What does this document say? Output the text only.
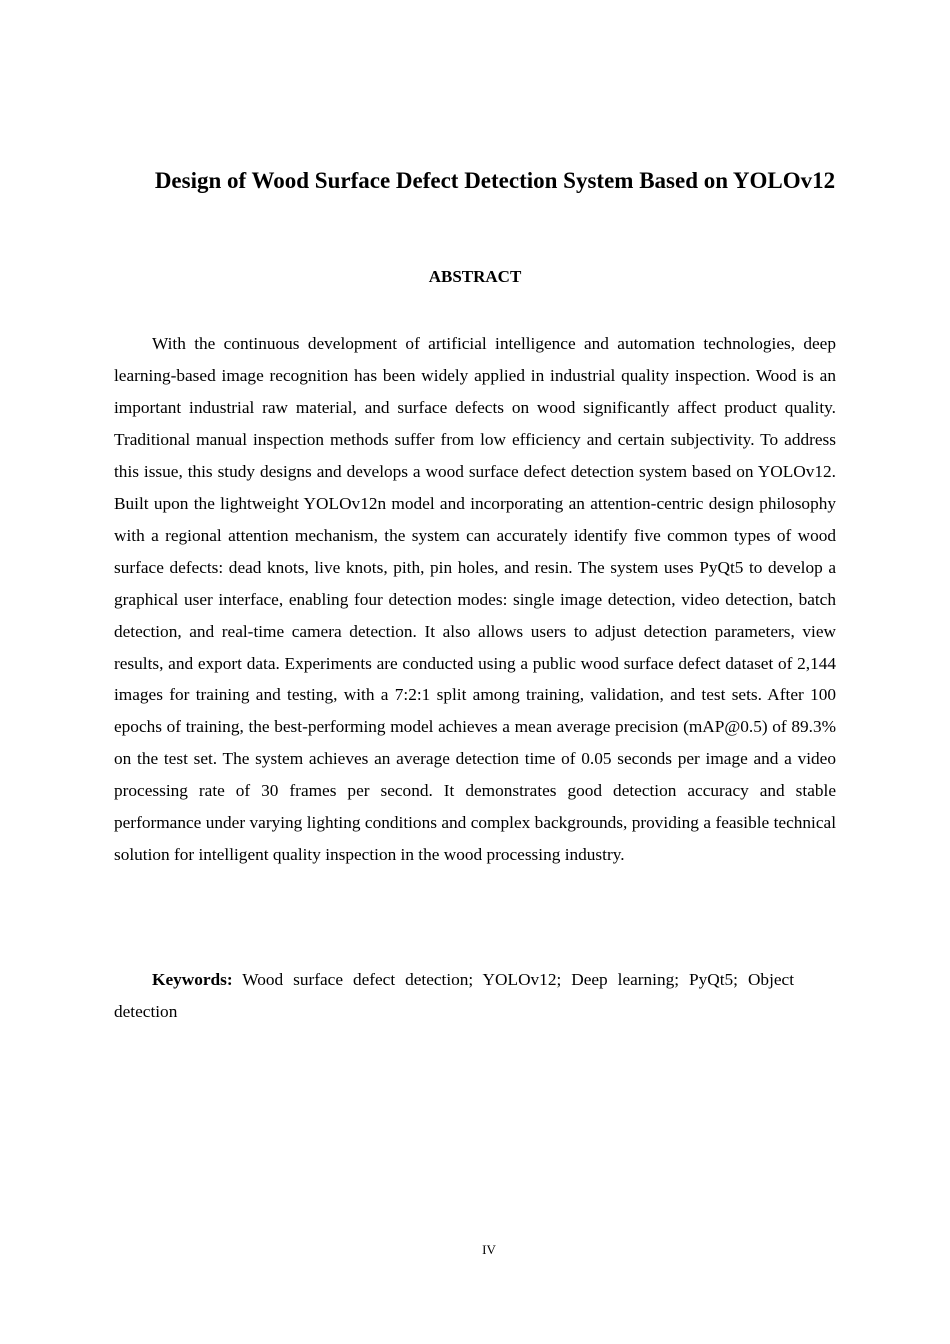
Design of Wood Surface Defect Detection System Based on YOLOv12
ABSTRACT

With the continuous development of artificial intelligence and automation technologies, deep learning-based image recognition has been widely applied in industrial quality inspection. Wood is an important industrial raw material, and surface defects on wood significantly affect product quality. Traditional manual inspection methods suffer from low efficiency and certain subjectivity. To address this issue, this study designs and develops a wood surface defect detection system based on YOLOv12. Built upon the lightweight YOLOv12n model and incorporating an attention-centric design philosophy with a regional attention mechanism, the system can accurately identify five common types of wood surface defects: dead knots, live knots, pith, pin holes, and resin. The system uses PyQt5 to develop a graphical user interface, enabling four detection modes: single image detection, video detection, batch detection, and real-time camera detection. It also allows users to adjust detection parameters, view results, and export data. Experiments are conducted using a public wood surface defect dataset of 2,144 images for training and testing, with a 7:2:1 split among training, validation, and test sets. After 100 epochs of training, the best-performing model achieves a mean average precision (mAP@0.5) of 89.3% on the test set. The system achieves an average detection time of 0.05 seconds per image and a video processing rate of 30 frames per second. It demonstrates good detection accuracy and stable performance under varying lighting conditions and complex backgrounds, providing a feasible technical solution for intelligent quality inspection in the wood processing industry.

Keywords: Wood surface defect detection; YOLOv12; Deep learning; PyQt5; Object detection

IV
